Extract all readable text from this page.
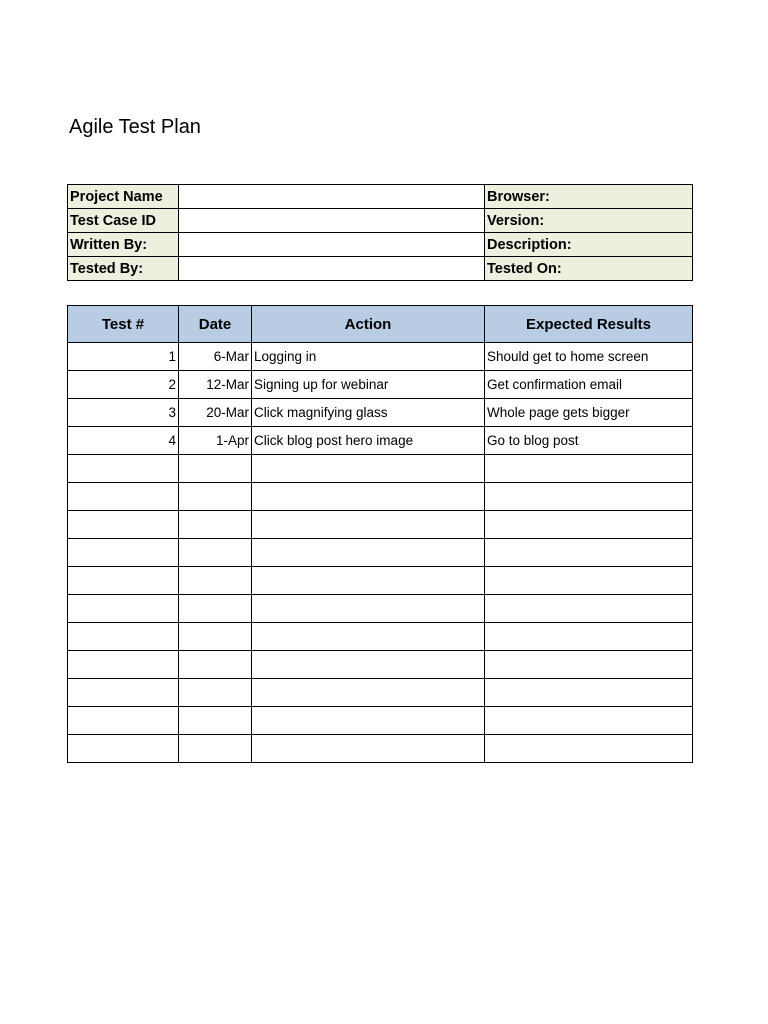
Agile Test Plan
Project Name		Browser:
Test Case ID		Version:
Written By:		Description:
Tested By:		Tested On:
Test #	Date	Action	Expected Results
1	6-Mar	Logging in	Should get to home screen
2	12-Mar	Signing up for webinar	Get confirmation email
3	20-Mar	Click magnifying glass	Whole page gets bigger
4	1-Apr	Click blog post hero image	Go to blog post
